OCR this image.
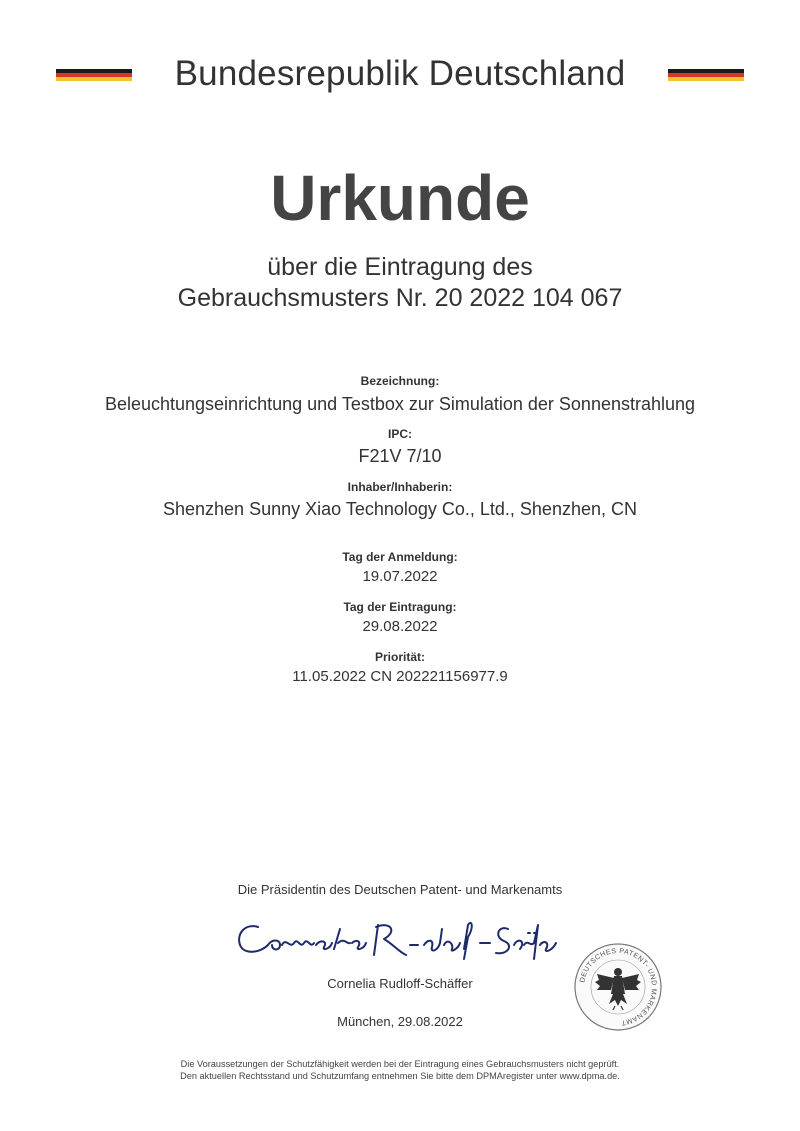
Bundesrepublik Deutschland
Urkunde
über die Eintragung des
Gebrauchsmusters Nr. 20 2022 104 067
Bezeichnung:
Beleuchtungseinrichtung und Testbox zur Simulation der Sonnenstrahlung
IPC:
F21V 7/10
Inhaber/Inhaberin:
Shenzhen Sunny Xiao Technology Co., Ltd., Shenzhen, CN
Tag der Anmeldung:
19.07.2022
Tag der Eintragung:
29.08.2022
Priorität:
11.05.2022 CN 202221156977.9
Die Präsidentin des Deutschen Patent- und Markenamts
Cornelia Rudloff-Schäffer
München, 29.08.2022
DEUTSCHES PATENT- UND MARKENAMT
Die Voraussetzungen der Schutzfähigkeit werden bei der Eintragung eines Gebrauchsmusters nicht geprüft.
Den aktuellen Rechtsstand und Schutzumfang entnehmen Sie bitte dem DPMAregister unter www.dpma.de.
